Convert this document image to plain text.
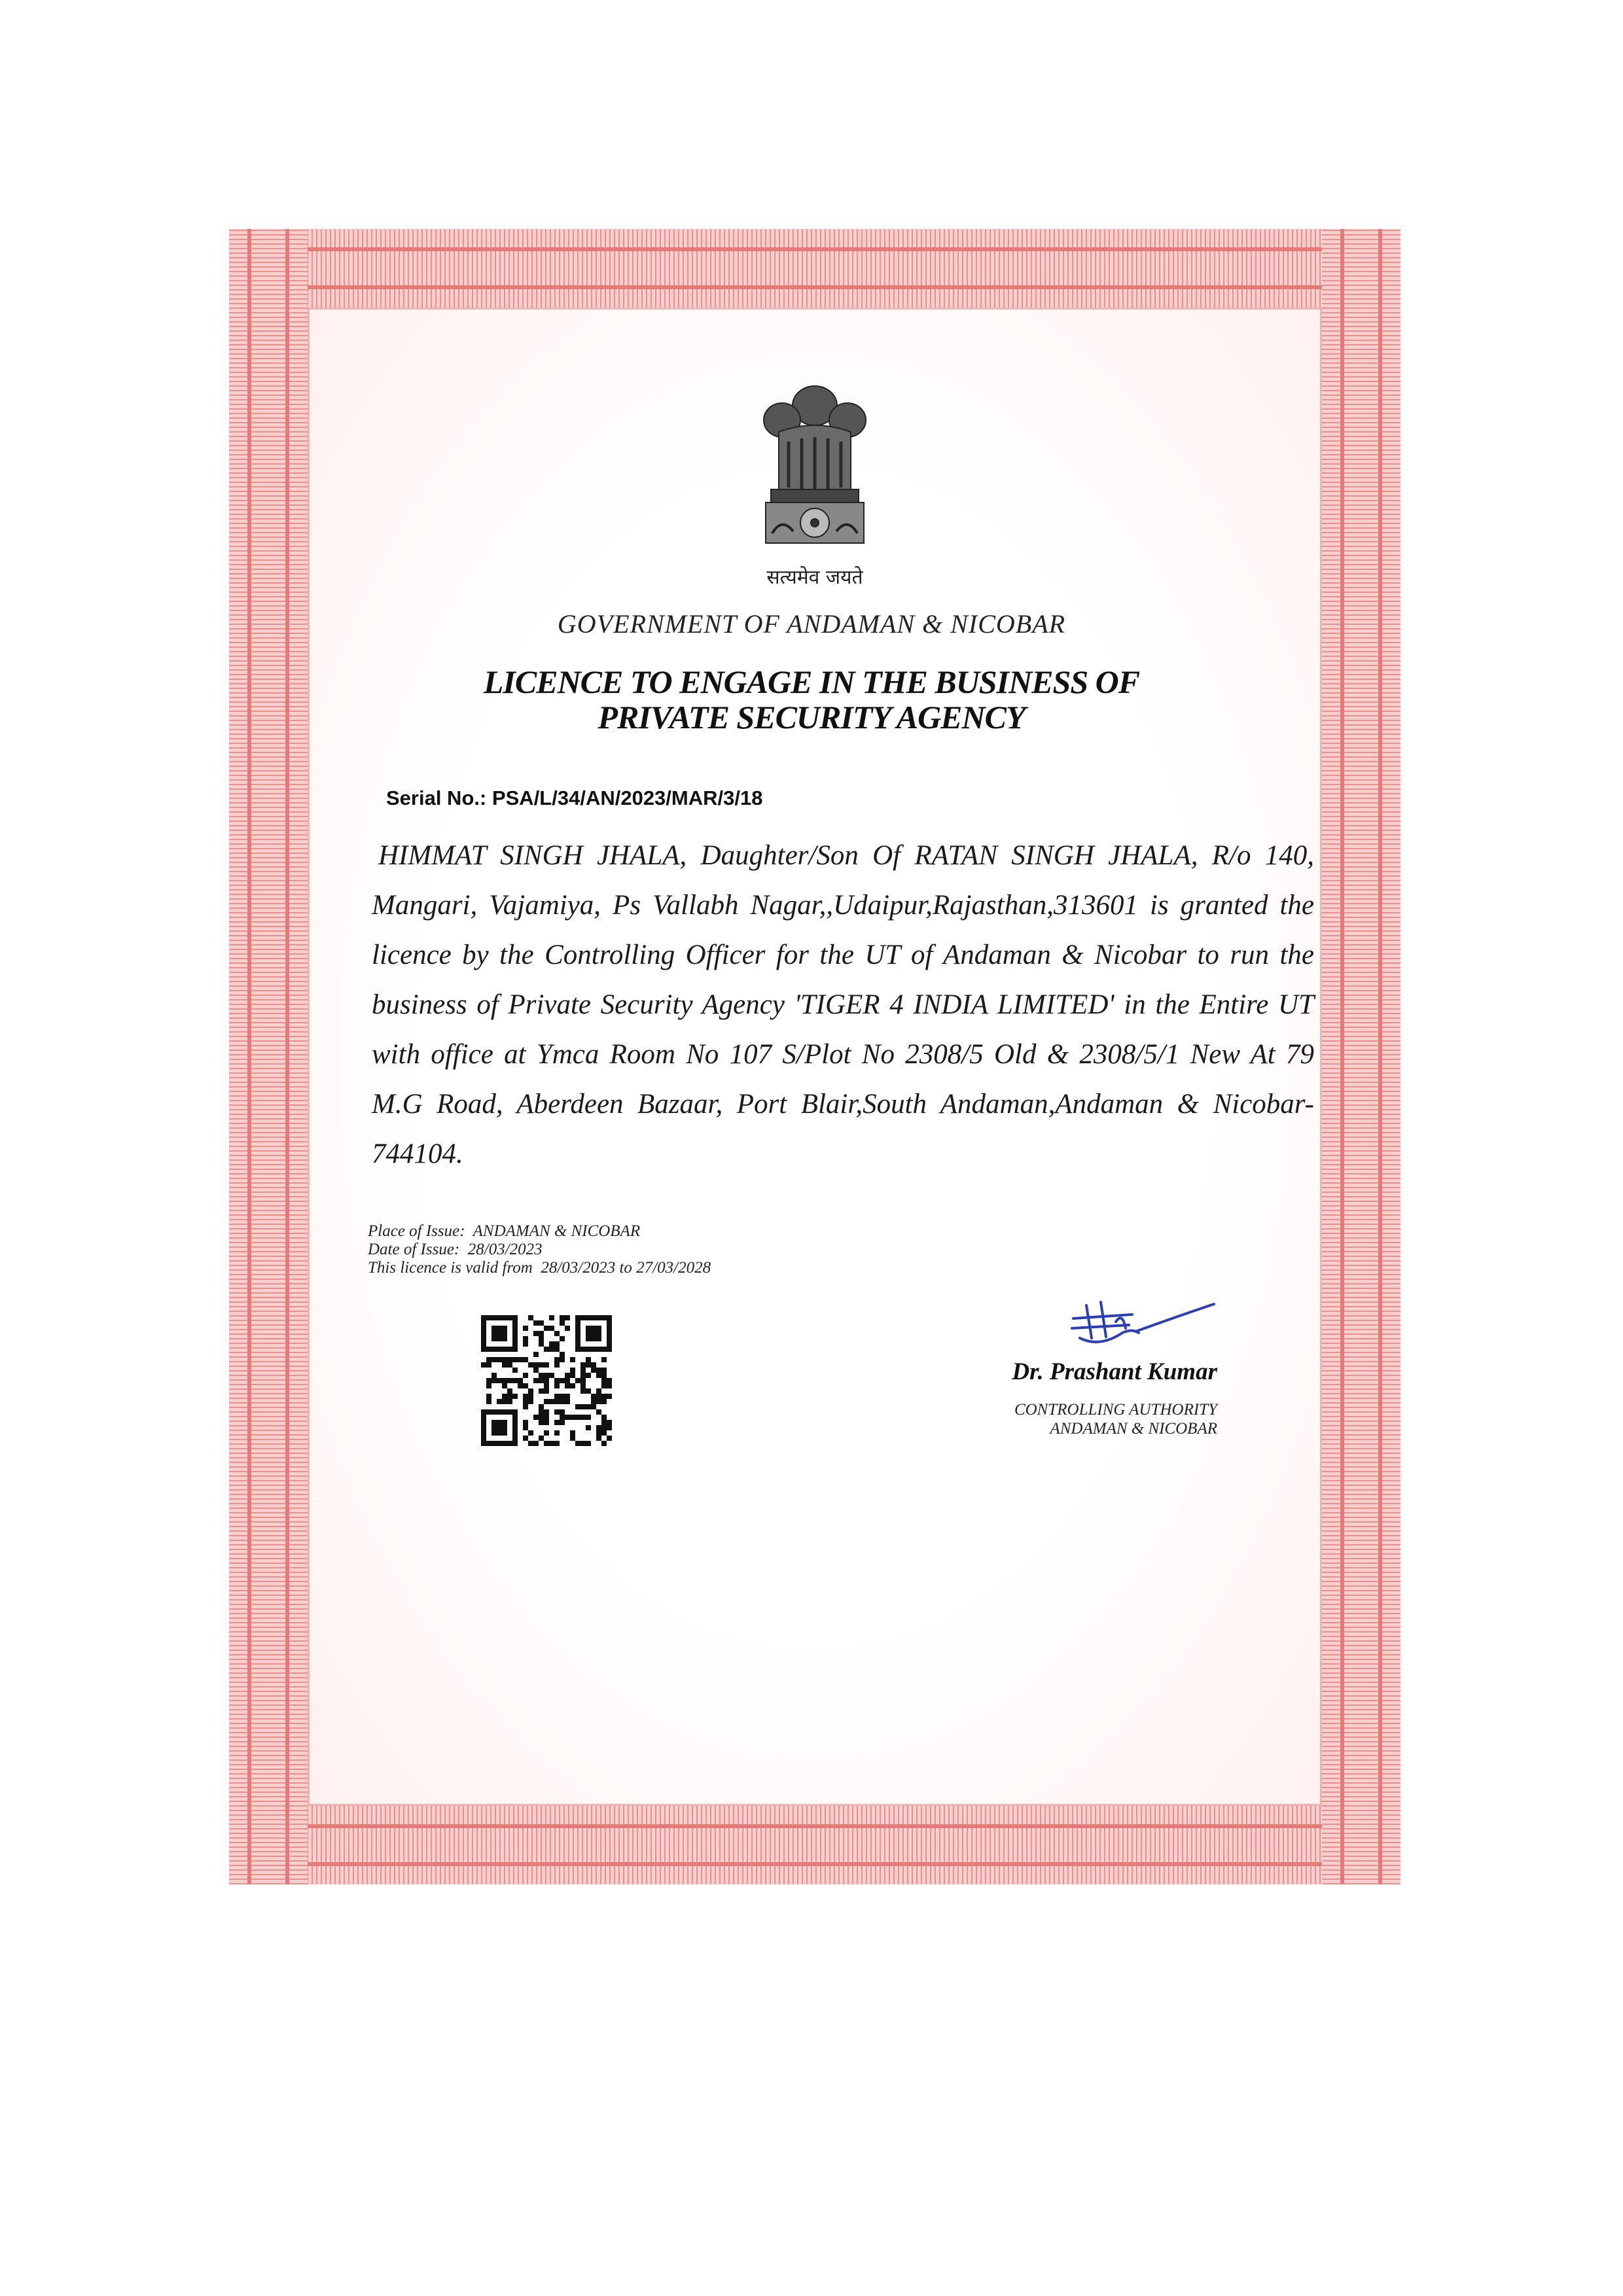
सत्यमेव जयते
GOVERNMENT OF ANDAMAN & NICOBAR
LICENCE TO ENGAGE IN THE BUSINESS OF
PRIVATE SECURITY AGENCY
Serial No.: PSA/L/34/AN/2023/MAR/3/18
HIMMAT SINGH JHALA, Daughter/Son Of RATAN SINGH JHALA, R/o 140, Mangari, Vajamiya, Ps Vallabh Nagar,,Udaipur,Rajasthan,313601 is granted the licence by the Controlling Officer for the UT of Andaman & Nicobar to run the business of Private Security Agency 'TIGER 4 INDIA LIMITED' in the Entire UT with office at Ymca Room No 107 S/Plot No 2308/5 Old & 2308/5/1 New At 79 M.G Road, Aberdeen Bazaar, Port Blair,South Andaman,Andaman & Nicobar-744104.
Place of Issue: ANDAMAN & NICOBAR
Date of Issue: 28/03/2023
This licence is valid from 28/03/2023 to 27/03/2028
Dr. Prashant Kumar
CONTROLLING AUTHORITY
ANDAMAN & NICOBAR
